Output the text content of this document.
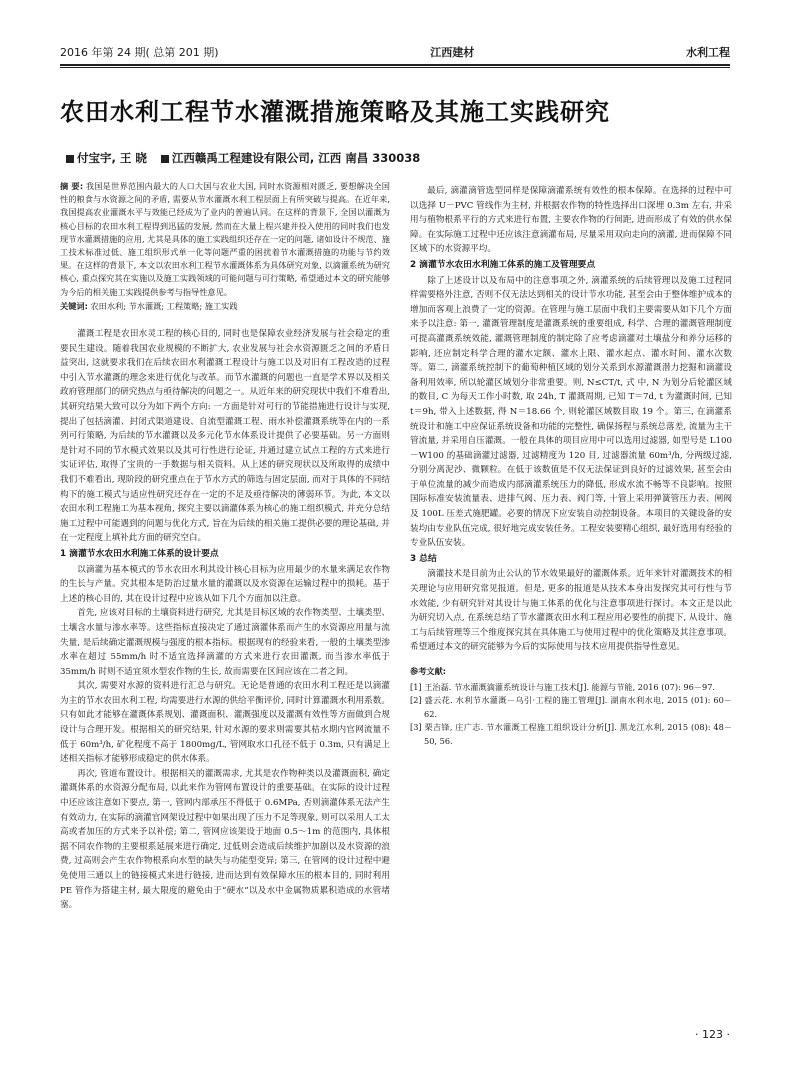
2016 年第 24 期( 总第 201 期)	江西建材	水利工程
农田水利工程节水灌溉措施策略及其施工实践研究
付宝宇, 王 晓	江西赣禹工程建设有限公司, 江西 南昌 330038
摘 要: 我国是世界范围内最大的人口大国与农业大国, 同时水资源相对匮乏, 要想解决全国性的粮食与水资源之间的矛盾, 需要从节水灌溉水利工程层面上有所突破与提高。在近年来, 我国提高农业灌溉水平与效能已经成为了业内的普遍认同。在这样的背景下, 全国以灌溉为核心目标的农田水利工程得到迅猛的发展, 然而在大量上程兴建并投入使用的同时我们也发现节水灌溉措施的应用, 尤其是具体的施工实践组织还存在一定的问题, 诸如设计不规范、施工技术标准过低、施工组织形式单一化等问题严重的困扰着节水灌溉措施的功能与节约效果。在这样的背景下, 本文以农田水利工程节水灌溉体系为具体研究对象, 以滴灌系统为研究核心, 重点探究其在实施以及施工实践领域的可能问题与可行策略, 希望通过本文的研究能够为今后的相关施工实践提供参考与指导性意见。
关键词: 农田水利; 节水灌溉; 工程策略; 施工实践

灌溉工程是农田水灵工程的核心目的, 同时也是保障农业经济发展与社会稳定的重要民生建设。随着我国农业规模的不断扩大, 农业发展与社会水资源匮乏之间的矛盾日益突出, 这就要求我们在后续农田水利灌溉工程设计与施工以及对旧有工程改造的过程中引入节水灌溉的理念来进行优化与改革。而节水灌溉的问题也一直是学术界以及相关政府管理部门的研究热点与亟待解决的问题之一。从近年来的研究现状中我们不难看出, 其研究结果大致可以分为如下两个方向: 一方面是针对可行的节能措施进行设计与实现, 提出了包括滴灌、封闭式渠道建设、自流型灌溉工程、雨水补偿灌溉系统等在内的一系列可行策略, 为后续的节水灌溉以及多元化节水体系设计提供了必要基础。另一方面则是针对不同的节水模式效果以及其可行性进行论证, 并通过建立试点工程的方式来进行实证评估, 取得了宝贵的一手数据与相关资料。从上述的研究现状以及所取得的成绩中我们不难看出, 现阶段的研究重点在于节水方式的筛选与固定层面, 而对于具体的不同结构下的施工模式与适应性研究还存在一定的不足及亟待解决的薄弱环节。为此, 本文以农田水利工程施工为基本视角, 探究主要以滴灌体系为核心的施工组织模式, 并充分总结施工过程中可能遇到的问题与优化方式, 旨在为后续的相关施工提供必要的理论基础, 并在一定程度上填补此方面的研究空白。

1 滴灌节水农田水利施工体系的设计要点

以滴灌为基本模式的节水农田水利其设计核心目标为应用最少的水量来满足农作物的生长与产量。究其根本是防治过量水量的灌溉以及水资源在运输过程中的损耗。基于上述的核心目的, 其在设计过程中应该从如下几个方面加以注意。

首先, 应该对目标的土壤资料进行研究, 尤其是目标区域的农作物类型、土壤类型、土壤含水量与渗水率等。这些指标直接决定了通过滴灌体系而产生的水资源应用量与流失量, 是后续确定灌溉规模与强度的根本指标。根据现有的经验来看, 一般的土壤类型渗水率在超过 55mm/h 时不适宜选择滴灌的方式来进行农田灌溉, 而当渗水率低于 35mm/h 时则不适宜须水型农作物的生长, 故而需要在区间应该在二者之间。

其次, 需要对水源的资料进行汇总与研究。无论是普通的农田水利工程还是以滴灌为主的节水农田水利工程, 均需要进行水源的供给平衡评价, 同时计算灌溉水利用系数。只有如此才能够在灌溉体系规划、灌溉面积、灌溉强度以及灌溉有效性等方面做到合规设计与合理开发。根据相关的研究结果, 针对水源的要求则需要其枯水期内官网流量不低于 60m³/h, 矿化程度不高于 1800mg/L, 管网取水口孔径不低于 0.3m, 只有满足上述相关指标才能够形成稳定的供水体系。

再次, 管道布置设计。根据相关的灌溉需求, 尤其是农作物种类以及灌溉面积, 确定灌溉体系的水资源分配布局, 以此来作为管网布置设计的重要基础。在实际的设计过程中还应该注意如下要点, 第一, 管网内部承压不得低于 0.6MPa, 否则滴灌体系无法产生有效动力, 在实际的滴灌官网架设过程中如果出现了压力不足等现象, 则可以采用人工太高或者加压的方式来予以补偿; 第二, 管网应该架设于地面 0.5～1m 的范围内, 具体根据不同农作物的主要根系延展来进行确定, 过低则会造成后续维护加剧以及水资源的浪费, 过高则会产生农作物根系向水型的缺失与功能型变异; 第三, 在管网的设计过程中避免使用三通以上的链接模式来进行链接, 进而达到有效保障水压的根本目的, 同时利用 PE 管作为搭建主材, 最大限度的避免由于“硬水”以及水中金属物质累积造成的水管堵塞。

最后, 滴灌滴管选型同样是保障滴灌系统有效性的根本保障。在选择的过程中可以选择 U－PVC 管线作为主材, 并根据农作物的特性选择出口深埋 0.3m 左右, 并采用与植物根系平行的方式来进行布置, 主要农作物的行间距, 进而形成了有效的供水保障。在实际施工过程中还应该注意滴灌布局, 尽量采用双向走向的滴灌, 进而保障不同区域下的水资源平均。

2 滴灌节水农田水利施工体系的施工及管理要点

除了上述设计以及布局中的注意事项之外, 滴灌系统的后续管理以及施工过程同样需要格外注意, 否则不仅无法达到相关的设计节水功能, 甚至会由于整体维护成本的增加而客观上浪费了一定的资源。在管理与施工层面中我们主要需要从如下几个方面来予以注意: 第一, 灌溉管理制度是灌溉系统的重要组成, 科学、合理的灌溉管理制度可提高灌溉系统效能, 灌溉管理制度的制定除了应考虑滴灌对土壤盐分和养分运移的影响, 还应制定科学合理的灌水定额、灌水上限、灌水起点、灌水时间、灌水次数等。第二, 滴灌系统控制下的葡萄种植区域的划分关系到水源灌溉潜力挖掘和滴灌设备利用效率, 所以轮灌区域划分非常重要。则, N≤CT/t, 式 中, N 为划分后轮灌区域的数目, C 为每天工作小时数, 取 24h, T 灌溉周期, 已知 T＝7d, t 为灌溉时间, 已知 t＝9h, 带入上述数据, 得 N＝18.66 个, 则轮灌区域数目取 19 个。第三, 在滴灌系统设计和施工中应保证系统设备和功能的完整性, 确保扬程与系统总落差, 流量为主干管流量, 并采用自压灌溉。一般在具体的项目应用中可以选用过滤器, 如型号是 L100－W100 的基础滴灌过滤器, 过滤精度为 120 目, 过滤器流量 60m³/h, 分两级过滤, 分别分离泥沙、微颗粒。在低于该数值是不仅无法保证到良好的过滤效果, 甚至会由于单位流量的减少而造成内部滴灌系统压力的降低, 形成水流不畅等不良影响。按照国际标准安装流量表、进排气阀、压力表、阀门等, 十管上采用弹簧管压力表、闸阀及 100L 压差式施肥罐。必要的情况下应安装自动控制设备。本项目的关键设备的安装均由专业队伍完成, 很好地完成安装任务。工程安装要精心组织, 最好选用有经验的专业队伍安装。

3 总结

滴灌技术是目前为止公认的节水效果最好的灌溉体系。近年来针对灌溉技术的相关理论与应用研究常见报道。但是, 更多的报道是从技术本身出发探究其可行性与节水效能, 少有研究针对其设计与施工体系的优化与注意事项进行探讨。本文正是以此为研究切入点, 在系统总结了节水灌溉农田水利工程应用必要性的前提下, 从设计、施工与后续管理等三个维度探究其在具体施工与使用过程中的优化策略及其注意事项。希望通过本文的研究能够为今后的实际使用与技术应用提供指导性意见。

参考文献:
[1] 王治磊. 节水灌溉滴灌系统设计与施工技术[J]. 能源与节能, 2016 (07): 96－97.
[2] 盛云花. 水利节水灌溉－乌引·工程的施工管理[J]. 湖南水利水电, 2015 (01): 60－62.
[3] 栗吉锋, 庄广志. 节水灌溉工程施工组织设计分析[J]. 黑龙江水利, 2015 (08): 48－50, 56.
· 123 ·
